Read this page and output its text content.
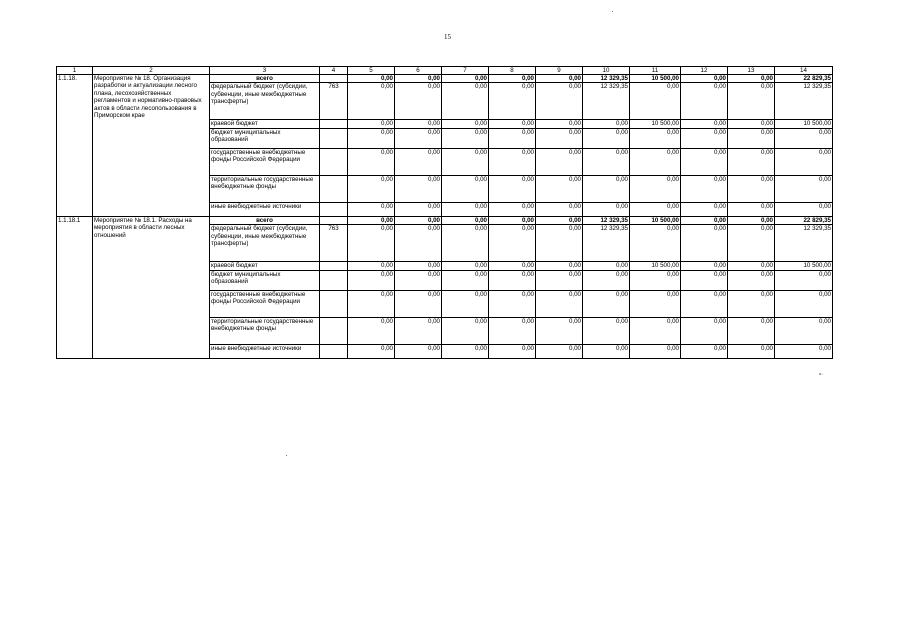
15
1	2	3	4	5	6	7	8	9	10	11	12	13	14
1.1.18.	Мероприятие № 18. Организация разработки и актуализации лесного плана, лесохозяйственных регламентов и нормативно-правовых актов в области лесопользования в Приморском крае	всего		0,00	0,00	0,00	0,00	0,00	12 329,35	10 500,00	0,00	0,00	22 829,35
		федеральный бюджет (субсидии, субвенции, иные межбюджетные трансферты)	763	0,00	0,00	0,00	0,00	0,00	12 329,35	0,00	0,00	0,00	12 329,35
		краевой бюджет		0,00	0,00	0,00	0,00	0,00	0,00	10 500,00	0,00	0,00	10 500,00
		бюджет муниципальных образований		0,00	0,00	0,00	0,00	0,00	0,00	0,00	0,00	0,00	0,00
		государственные внебюджетные фонды Российской Федерации		0,00	0,00	0,00	0,00	0,00	0,00	0,00	0,00	0,00	0,00
		территориальные государственные внебюджетные фонды		0,00	0,00	0,00	0,00	0,00	0,00	0,00	0,00	0,00	0,00
		иные внебюджетные источники		0,00	0,00	0,00	0,00	0,00	0,00	0,00	0,00	0,00	0,00
1.1.18.1	Мероприятие № 18.1. Расходы на мероприятия в области лесных отношений	всего		0,00	0,00	0,00	0,00	0,00	12 329,35	10 500,00	0,00	0,00	22 829,35
		федеральный бюджет (субсидии, субвенции, иные межбюджетные трансферты)	763	0,00	0,00	0,00	0,00	0,00	12 329,35	0,00	0,00	0,00	12 329,35
		краевой бюджет		0,00	0,00	0,00	0,00	0,00	0,00	10 500,00	0,00	0,00	10 500,00
		бюджет муниципальных образований		0,00	0,00	0,00	0,00	0,00	0,00	0,00	0,00	0,00	0,00
		государственные внебюджетные фонды Российской Федерации		0,00	0,00	0,00	0,00	0,00	0,00	0,00	0,00	0,00	0,00
		территориальные государственные внебюджетные фонды		0,00	0,00	0,00	0,00	0,00	0,00	0,00	0,00	0,00	0,00
		иные внебюджетные источники		0,00	0,00	0,00	0,00	0,00	0,00	0,00	0,00	0,00	0,00
».
